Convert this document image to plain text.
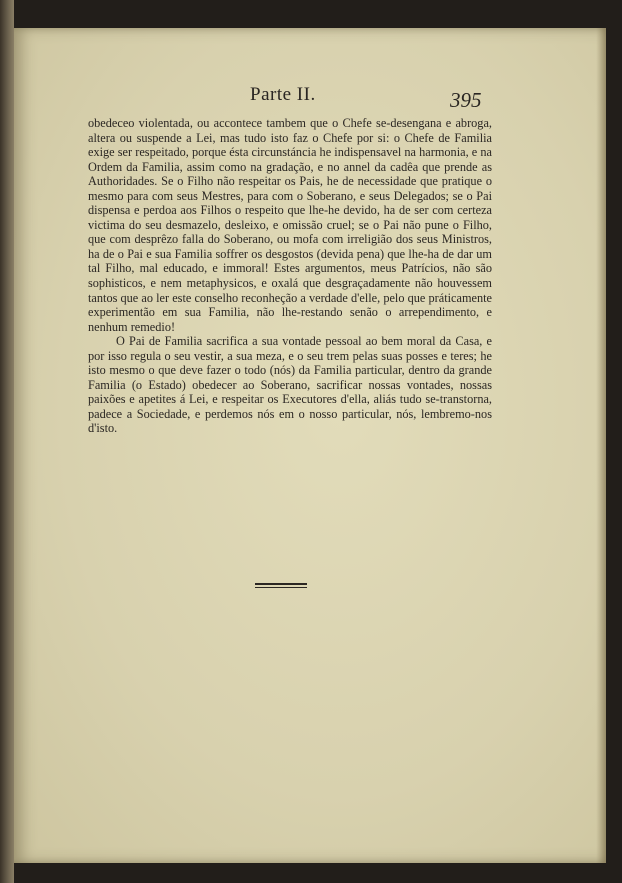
Parte II.	395

obedeceo violentada, ou accontece tambem que o Chefe se-desengana e abroga, altera ou suspende a Lei, mas tudo isto faz o Chefe por si: o Chefe de Familia exige ser respeitado, porque ésta circunstáncia he indispensavel na harmonia, e na Ordem da Familia, assim como na gradação, e no annel da cadêa que prende as Authoridades. Se o Filho não respeitar os Pais, he de necessidade que pratique o mesmo para com seus Mestres, para com o Soberano, e seus Delegados; se o Pai dispensa e perdoa aos Filhos o respeito que lhe-he devido, ha de ser com certeza victima do seu desmazelo, desleixo, e omissão cruel; se o Pai não pune o Filho, que com desprêzo falla do Soberano, ou mofa com irreligião dos seus Ministros, ha de o Pai e sua Familia soffrer os desgostos (devida pena) que lhe-ha de dar um tal Filho, mal educado, e immoral! Estes argumentos, meus Patrícios, não são sophisticos, e nem metaphysicos, e oxalá que desgraçadamente não houvessem tantos que ao ler este conselho reconheção a verdade d'elle, pelo que práticamente experimentão em sua Familia, não lhe-restando senão o arrependimento, e nenhum remedio!

O Pai de Familia sacrifica a sua vontade pessoal ao bem moral da Casa, e por isso regula o seu vestir, a sua meza, e o seu trem pelas suas posses e teres; he isto mesmo o que deve fazer o todo (nós) da Familia particular, dentro da grande Familia (o Estado) obedecer ao Soberano, sacrificar nossas vontades, nossas paixões e apetites á Lei, e respeitar os Executores d'ella, aliás tudo se-transtorna, padece a Sociedade, e perdemos nós em o nosso particular, nós, lembremo-nos d'isto.
